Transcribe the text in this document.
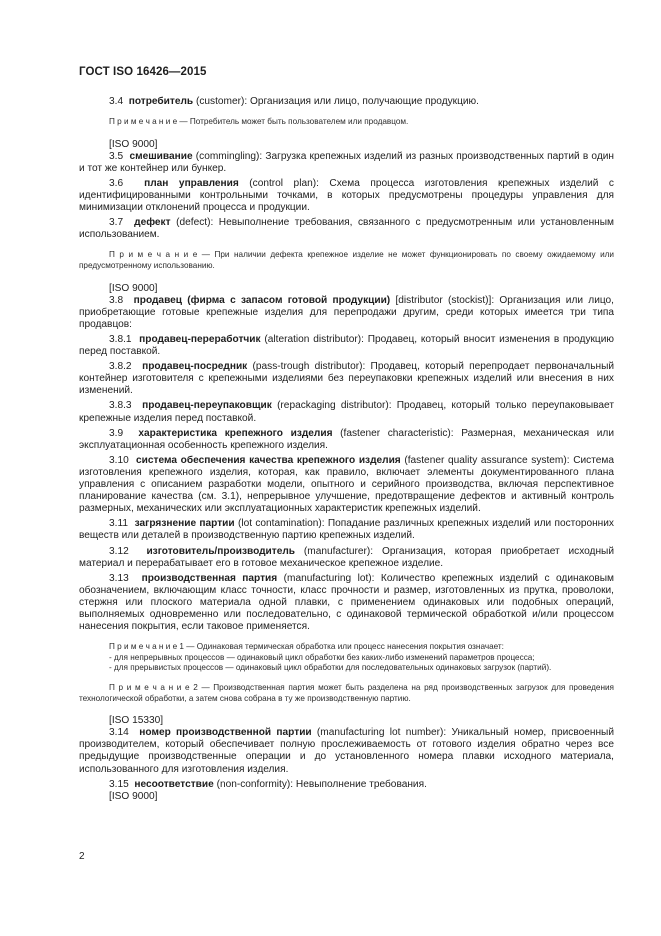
ГОСТ ISO 16426—2015

3.4 потребитель (customer): Организация или лицо, получающие продукцию.

П р и м е ч а н и е — Потребитель может быть пользователем или продавцом.

[ISO 9000]

3.5 смешивание (commingling): Загрузка крепежных изделий из разных производственных партий в один и тот же контейнер или бункер.

3.6 план управления (control plan): Схема процесса изготовления крепежных изделий с идентифицированными контрольными точками, в которых предусмотрены процедуры управления для минимизации отклонений процесса и продукции.

3.7 дефект (defect): Невыполнение требования, связанного с предусмотренным или установленным использованием.

П р и м е ч а н и е — При наличии дефекта крепежное изделие не может функционировать по своему ожидаемому или предусмотренному использованию.

[ISO 9000]

3.8 продавец (фирма с запасом готовой продукции) [distributor (stockist)]: Организация или лицо, приобретающие готовые крепежные изделия для перепродажи другим, среди которых имеется три типа продавцов:

3.8.1 продавец-переработчик (alteration distributor): Продавец, который вносит изменения в продукцию перед поставкой.

3.8.2 продавец-посредник (pass-trough distributor): Продавец, который перепродает первоначальный контейнер изготовителя с крепежными изделиями без переупаковки крепежных изделий или внесения в них изменений.

3.8.3 продавец-переупаковщик (repackaging distributor): Продавец, который только переупаковывает крепежные изделия перед поставкой.

3.9 характеристика крепежного изделия (fastener characteristic): Размерная, механическая или эксплуатационная особенность крепежного изделия.

3.10 система обеспечения качества крепежного изделия (fastener quality assurance system): Система изготовления крепежного изделия, которая, как правило, включает элементы документированного плана управления с описанием разработки модели, опытного и серийного производства, включая перспективное планирование качества (см. 3.1), непрерывное улучшение, предотвращение дефектов и активный контроль размерных, механических или эксплуатационных характеристик крепежных изделий.

3.11 загрязнение партии (lot contamination): Попадание различных крепежных изделий или посторонних веществ или деталей в производственную партию крепежных изделий.

3.12 изготовитель/производитель (manufacturer): Организация, которая приобретает исходный материал и перерабатывает его в готовое механическое крепежное изделие.

3.13 производственная партия (manufacturing lot): Количество крепежных изделий с одинаковым обозначением, включающим класс точности, класс прочности и размер, изготовленных из прутка, проволоки, стержня или плоского материала одной плавки, с применением одинаковых или подобных операций, выполняемых одновременно или последовательно, с одинаковой термической обработкой и/или процессом нанесения покрытия, если таковое применяется.

П р и м е ч а н и е 1 — Одинаковая термическая обработка или процесс нанесения покрытия означает:

- для непрерывных процессов — одинаковый цикл обработки без каких-либо изменений параметров процесса;

- для прерывистых процессов — одинаковый цикл обработки для последовательных одинаковых загрузок (партий).

П р и м е ч а н и е 2 — Производственная партия может быть разделена на ряд производственных загрузок для проведения технологической обработки, а затем снова собрана в ту же производственную партию.

[ISO 15330]

3.14 номер производственной партии (manufacturing lot number): Уникальный номер, присвоенный производителем, который обеспечивает полную прослеживаемость от готового изделия обратно через все предыдущие производственные операции и до установленного номера плавки исходного материала, использованного для изготовления изделия.

3.15 несоответствие (non-conformity): Невыполнение требования.

[ISO 9000]

2
